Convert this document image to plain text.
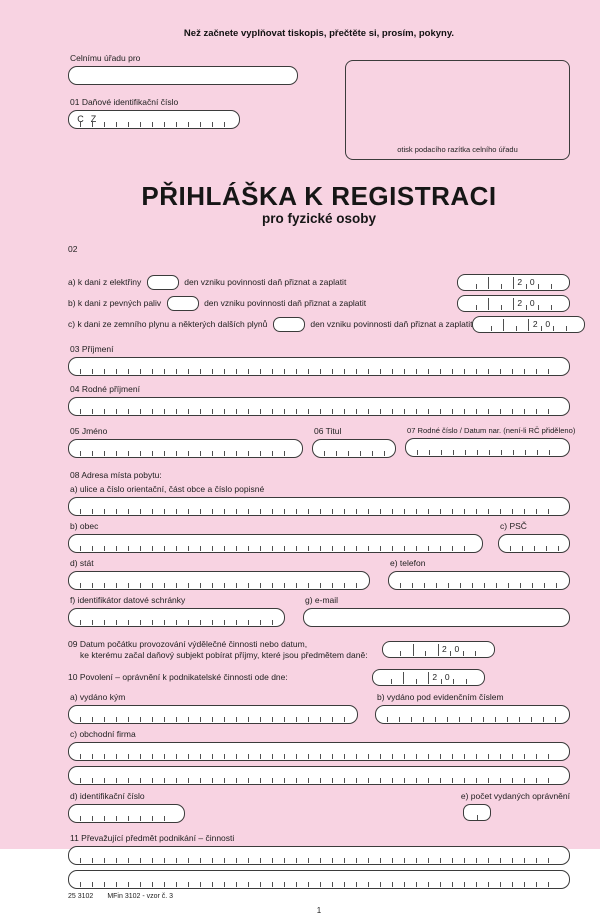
otisk podacího razítka celního úřadu
Než začnete vyplňovat tiskopis, přečtěte si, prosím, pokyny.
Celnímu úřadu pro
01 Daňové identifikační číslo
C Z
PŘIHLÁŠKA K REGISTRACI
pro fyzické osoby
02
a) k dani z elektřiny	den vzniku povinnosti daň přiznat a zaplatit	2 0
b) k dani z pevných paliv	den vzniku povinnosti daň přiznat a zaplatit	2 0
c) k dani ze zemního plynu a některých dalších plynů	den vzniku povinnosti daň přiznat a zaplatit	2 0
03 Příjmení
04 Rodné příjmení
05 Jméno	06 Titul	07 Rodné číslo / Datum nar. (není-li RČ přiděleno)
08 Adresa místa pobytu:
a) ulice a číslo orientační, část obce a číslo popisné
b) obec	c) PSČ
d) stát	e) telefon
f) identifikátor datové schránky	g) e-mail
09 Datum počátku provozování výdělečné činnosti nebo datum,
ke kterému začal daňový subjekt pobírat příjmy, které jsou předmětem daně:
2 0
10 Povolení – oprávnění k podnikatelské činnosti ode dne:	2 0
a) vydáno kým	b) vydáno pod evidenčním číslem
c) obchodní firma
d) identifikační číslo	e) počet vydaných oprávnění
11 Převažující předmět podnikání – činnosti
25 3102 MFin 3102 - vzor č. 3
1
